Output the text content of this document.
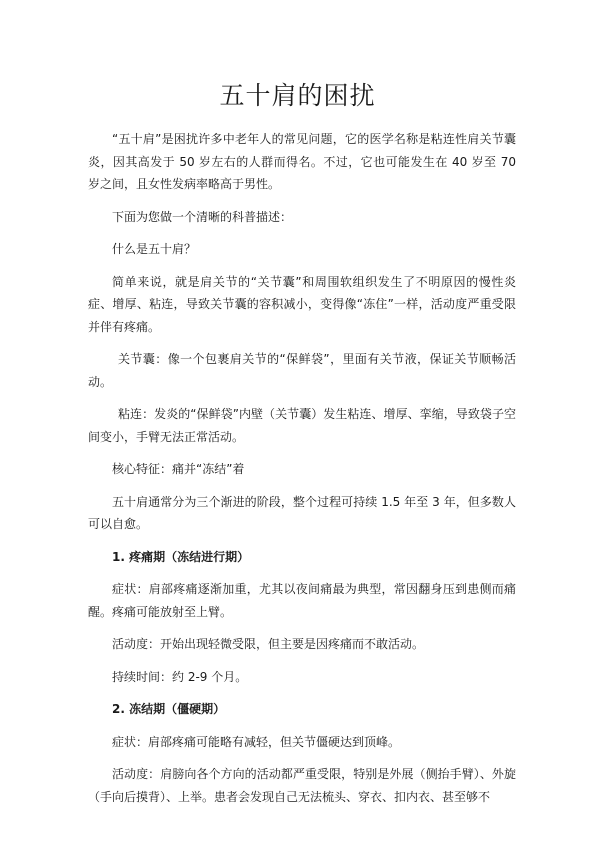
五十肩的困扰

“五十肩”是困扰许多中老年人的常见问题，它的医学名称是粘连性肩关节囊炎，因其高发于 50 岁左右的人群而得名。不过，它也可能发生在 40 岁至 70 岁之间，且女性发病率略高于男性。

下面为您做一个清晰的科普描述：

什么是五十肩？

简单来说，就是肩关节的“关节囊”和周围软组织发生了不明原因的慢性炎症、增厚、粘连，导致关节囊的容积减小，变得像“冻住”一样，活动度严重受限并伴有疼痛。

关节囊：像一个包裹肩关节的“保鲜袋”，里面有关节液，保证关节顺畅活动。

粘连：发炎的“保鲜袋”内壁（关节囊）发生粘连、增厚、挛缩，导致袋子空间变小，手臂无法正常活动。

核心特征：痛并“冻结”着

五十肩通常分为三个渐进的阶段，整个过程可持续 1.5 年至 3 年，但多数人可以自愈。

1. 疼痛期（冻结进行期）

症状：肩部疼痛逐渐加重，尤其以夜间痛最为典型，常因翻身压到患侧而痛醒。疼痛可能放射至上臂。

活动度：开始出现轻微受限，但主要是因疼痛而不敢活动。

持续时间：约 2-9 个月。

2. 冻结期（僵硬期）

症状：肩部疼痛可能略有减轻，但关节僵硬达到顶峰。

活动度：肩膀向各个方向的活动都严重受限，特别是外展（侧抬手臂）、外旋（手向后摸背）、上举。患者会发现自己无法梳头、穿衣、扣内衣、甚至够不
